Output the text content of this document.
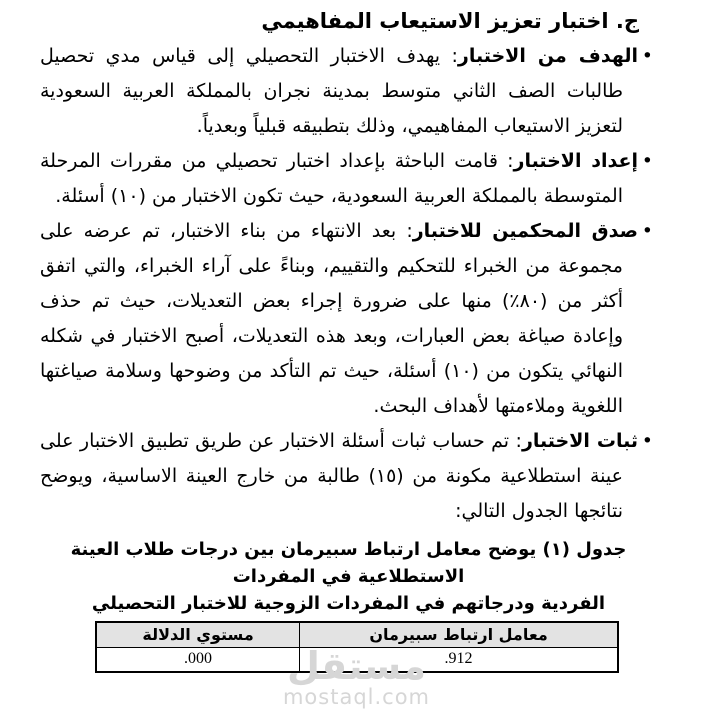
ج. اختبار تعزيز الاستيعاب المفاهيمي
• الهدف من الاختبار: يهدف الاختبار التحصيلي إلى قياس مدي تحصيل طالبات الصف الثاني متوسط بمدينة نجران بالمملكة العربية السعودية لتعزيز الاستيعاب المفاهيمي، وذلك بتطبيقه قبلياً وبعدياً.
• إعداد الاختبار: قامت الباحثة بإعداد اختبار تحصيلي من مقررات المرحلة المتوسطة بالمملكة العربية السعودية، حيث تكون الاختبار من (١٠) أسئلة.
• صدق المحكمين للاختبار: بعد الانتهاء من بناء الاختبار، تم عرضه على مجموعة من الخبراء للتحكيم والتقييم، وبناءً على آراء الخبراء، والتي اتفق أكثر من (٨٠٪) منها على ضرورة إجراء بعض التعديلات، حيث تم حذف وإعادة صياغة بعض العبارات، وبعد هذه التعديلات، أصبح الاختبار في شكله النهائي يتكون من (١٠) أسئلة، حيث تم التأكد من وضوحها وسلامة صياغتها اللغوية وملاءمتها لأهداف البحث.
• ثبات الاختبار: تم حساب ثبات أسئلة الاختبار عن طريق تطبيق الاختبار على عينة استطلاعية مكونة من (١٥) طالبة من خارج العينة الاساسية، ويوضح نتائجها الجدول التالي:
جدول (١) يوضح معامل ارتباط سبيرمان بين درجات طلاب العينة الاستطلاعية في المفردات
الفردية ودرجاتهم في المفردات الزوجية للاختبار التحصيلي
معامل ارتباط سبيرمان	مستوي الدلالة
.912	.000	مستقل
mostaql.com
